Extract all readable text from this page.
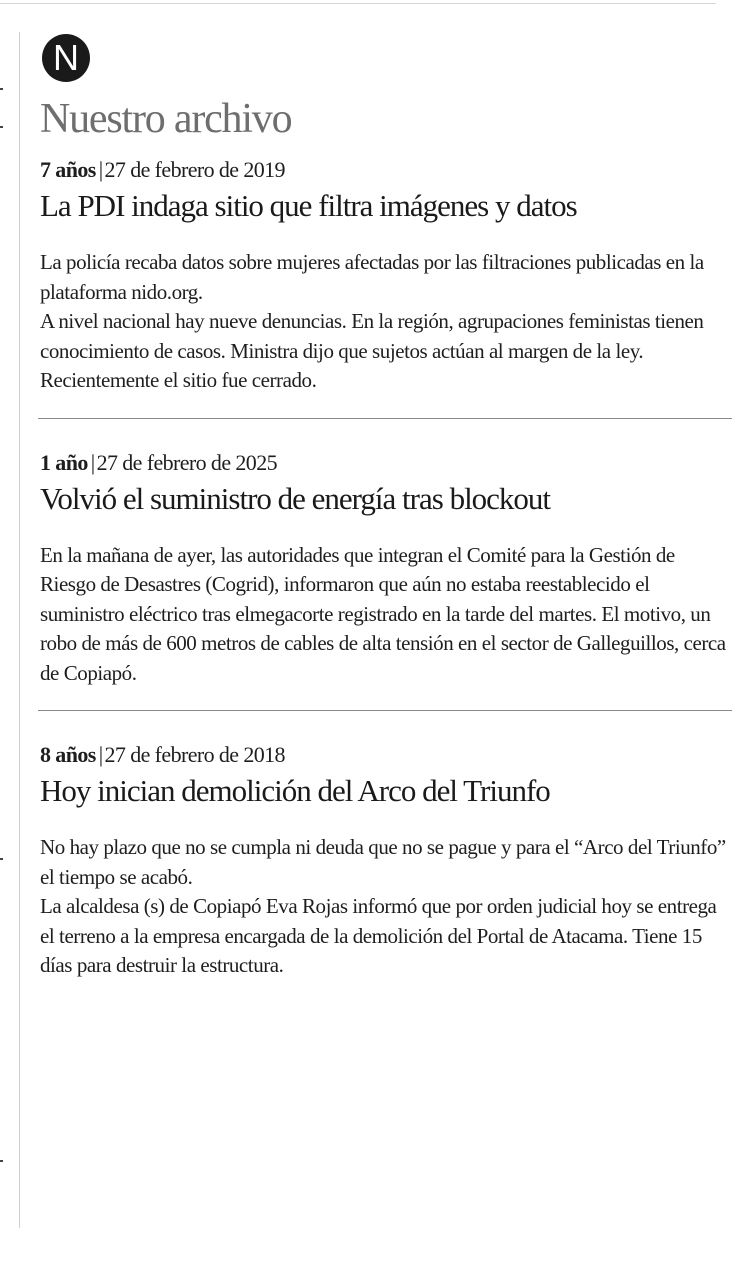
N
Nuestro archivo
7 años |27 de febrero de 2019
La PDI indaga sitio que filtra imágenes y datos

La policía recaba datos sobre mujeres afectadas por las filtraciones publicadas en la plataforma nido.org.

A nivel nacional hay nueve denuncias. En la región, agrupaciones feministas tienen conocimiento de casos. Ministra dijo que sujetos actúan al margen de la ley. Recientemente el sitio fue cerrado.

1 año |27 de febrero de 2025
Volvió el suministro de energía tras blockout

En la mañana de ayer, las autoridades que integran el Comité para la Gestión de Riesgo de Desastres (Cogrid), informaron que aún no estaba reestablecido el suministro eléctrico tras elmegacorte registrado en la tarde del martes. El motivo, un robo de más de 600 metros de cables de alta tensión en el sector de Galleguillos, cerca de Copiapó.

8 años |27 de febrero de 2018
Hoy inician demolición del Arco del Triunfo

No hay plazo que no se cumpla ni deuda que no se pague y para el “Arco del Triunfo” el tiempo se acabó.

La alcaldesa (s) de Copiapó Eva Rojas informó que por orden judicial hoy se entrega el terreno a la empresa encargada de la demolición del Portal de Atacama. Tiene 15 días para destruir la estructura.
